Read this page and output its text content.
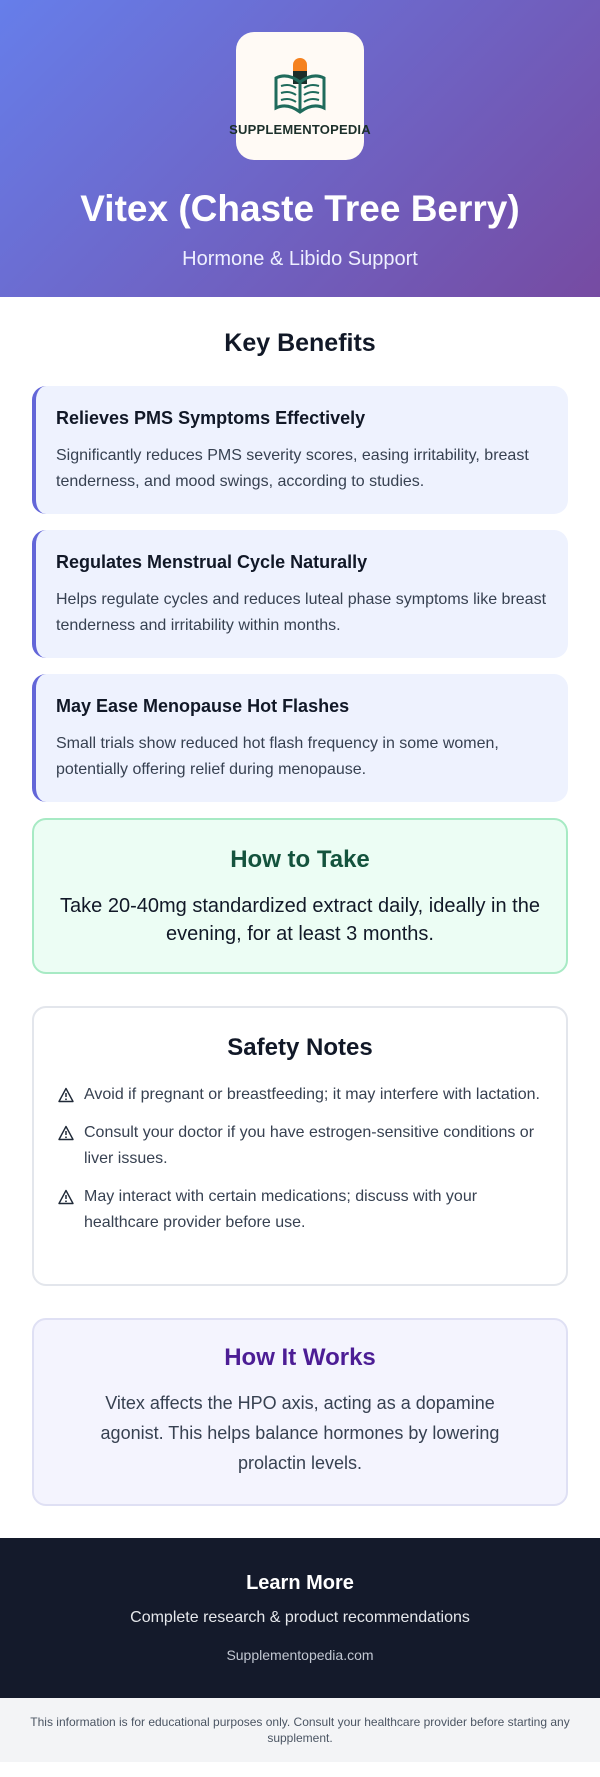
SUPPLEMENTOPEDIA
Vitex (Chaste Tree Berry)
Hormone & Libido Support
Key Benefits
Relieves PMS Symptoms Effectively
Significantly reduces PMS severity scores, easing irritability, breast tenderness, and mood swings, according to studies.
Regulates Menstrual Cycle Naturally
Helps regulate cycles and reduces luteal phase symptoms like breast tenderness and irritability within months.
May Ease Menopause Hot Flashes
Small trials show reduced hot flash frequency in some women, potentially offering relief during menopause.
How to Take
Take 20-40mg standardized extract daily, ideally in the evening, for at least 3 months.
Safety Notes
Avoid if pregnant or breastfeeding; it may interfere with lactation.
Consult your doctor if you have estrogen-sensitive conditions or liver issues.
May interact with certain medications; discuss with your healthcare provider before use.
How It Works
Vitex affects the HPO axis, acting as a dopamine agonist. This helps balance hormones by lowering prolactin levels.
Learn More
Complete research & product recommendations
Supplementopedia.com
This information is for educational purposes only. Consult your healthcare provider before starting any supplement.
